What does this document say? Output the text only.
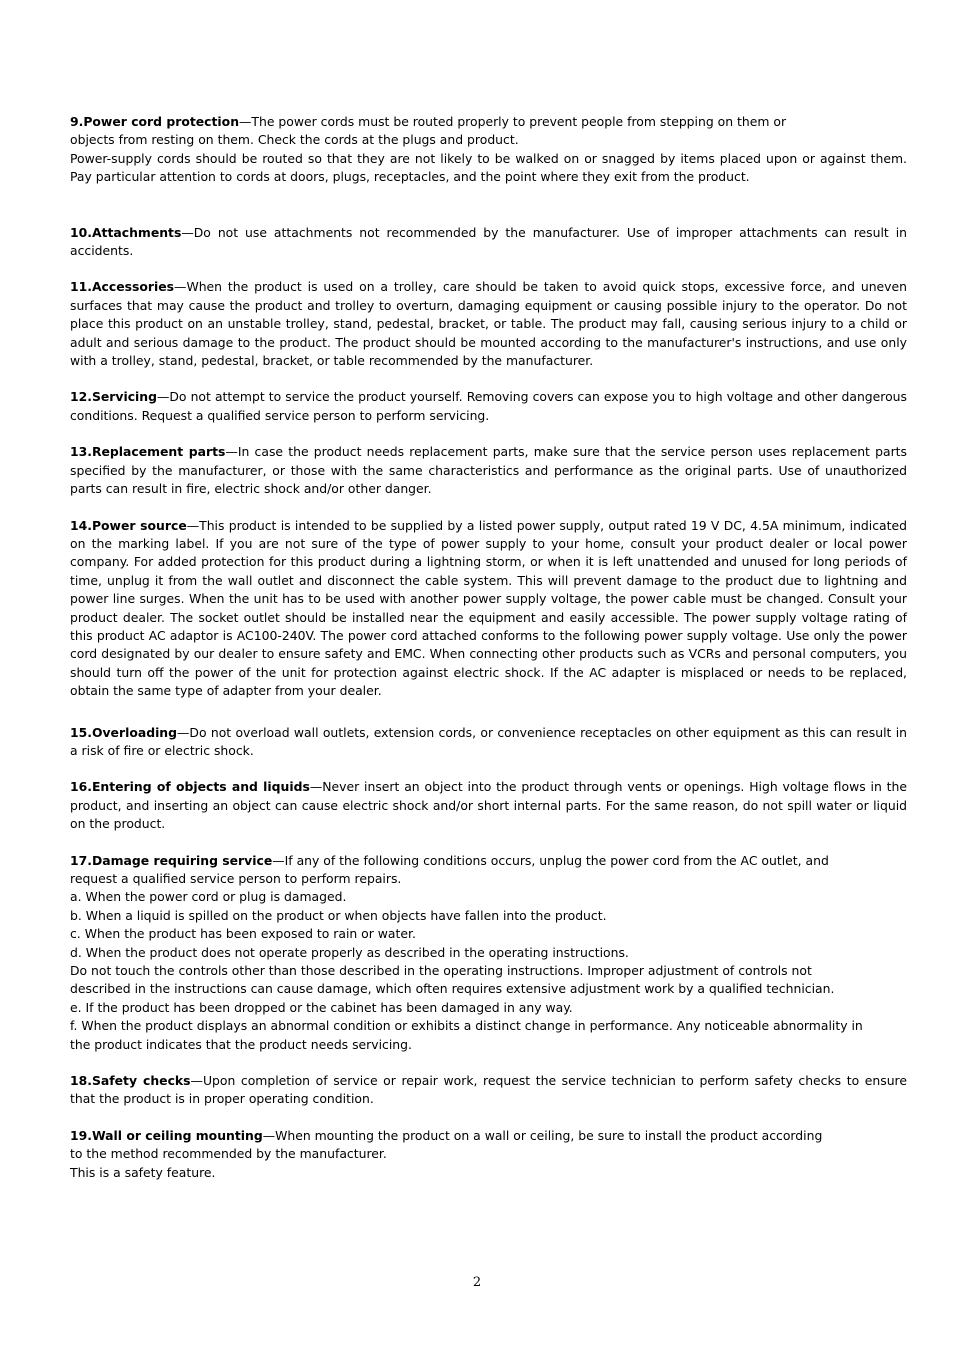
9.Power cord protection—The power cords must be routed properly to prevent people from stepping on them or

objects from resting on them. Check the cords at the plugs and product.

Power-supply cords should be routed so that they are not likely to be walked on or snagged by items placed upon or against them. Pay particular attention to cords at doors, plugs, receptacles, and the point where they exit from the product.

10.Attachments—Do not use attachments not recommended by the manufacturer. Use of improper attachments can result in accidents.

11.Accessories—When the product is used on a trolley, care should be taken to avoid quick stops, excessive force, and uneven surfaces that may cause the product and trolley to overturn, damaging equipment or causing possible injury to the operator. Do not place this product on an unstable trolley, stand, pedestal, bracket, or table. The product may fall, causing serious injury to a child or adult and serious damage to the product. The product should be mounted according to the manufacturer's instructions, and use only with a trolley, stand, pedestal, bracket, or table recommended by the manufacturer.

12.Servicing—Do not attempt to service the product yourself. Removing covers can expose you to high voltage and other dangerous conditions. Request a qualified service person to perform servicing.

13.Replacement parts—In case the product needs replacement parts, make sure that the service person uses replacement parts specified by the manufacturer, or those with the same characteristics and performance as the original parts. Use of unauthorized parts can result in fire, electric shock and/or other danger.

14.Power source—This product is intended to be supplied by a listed power supply, output rated 19 V DC, 4.5A minimum, indicated on the marking label. If you are not sure of the type of power supply to your home, consult your product dealer or local power company. For added protection for this product during a lightning storm, or when it is left unattended and unused for long periods of time, unplug it from the wall outlet and disconnect the cable system. This will prevent damage to the product due to lightning and power line surges. When the unit has to be used with another power supply voltage, the power cable must be changed. Consult your product dealer. The socket outlet should be installed near the equipment and easily accessible. The power supply voltage rating of this product AC adaptor is AC100-240V. The power cord attached conforms to the following power supply voltage. Use only the power cord designated by our dealer to ensure safety and EMC. When connecting other products such as VCRs and personal computers, you should turn off the power of the unit for protection against electric shock. If the AC adapter is misplaced or needs to be replaced, obtain the same type of adapter from your dealer.

15.Overloading—Do not overload wall outlets, extension cords, or convenience receptacles on other equipment as this can result in a risk of fire or electric shock.

16.Entering of objects and liquids—Never insert an object into the product through vents or openings. High voltage flows in the product, and inserting an object can cause electric shock and/or short internal parts. For the same reason, do not spill water or liquid on the product.

17.Damage requiring service—If any of the following conditions occurs, unplug the power cord from the AC outlet, and

request a qualified service person to perform repairs.

a. When the power cord or plug is damaged.

b. When a liquid is spilled on the product or when objects have fallen into the product.

c. When the product has been exposed to rain or water.

d. When the product does not operate properly as described in the operating instructions.

Do not touch the controls other than those described in the operating instructions. Improper adjustment of controls not

described in the instructions can cause damage, which often requires extensive adjustment work by a qualified technician.

e. If the product has been dropped or the cabinet has been damaged in any way.

f. When the product displays an abnormal condition or exhibits a distinct change in performance. Any noticeable abnormality in

the product indicates that the product needs servicing.

18.Safety checks—Upon completion of service or repair work, request the service technician to perform safety checks to ensure that the product is in proper operating condition.

19.Wall or ceiling mounting—When mounting the product on a wall or ceiling, be sure to install the product according

to the method recommended by the manufacturer.

This is a safety feature.

2
